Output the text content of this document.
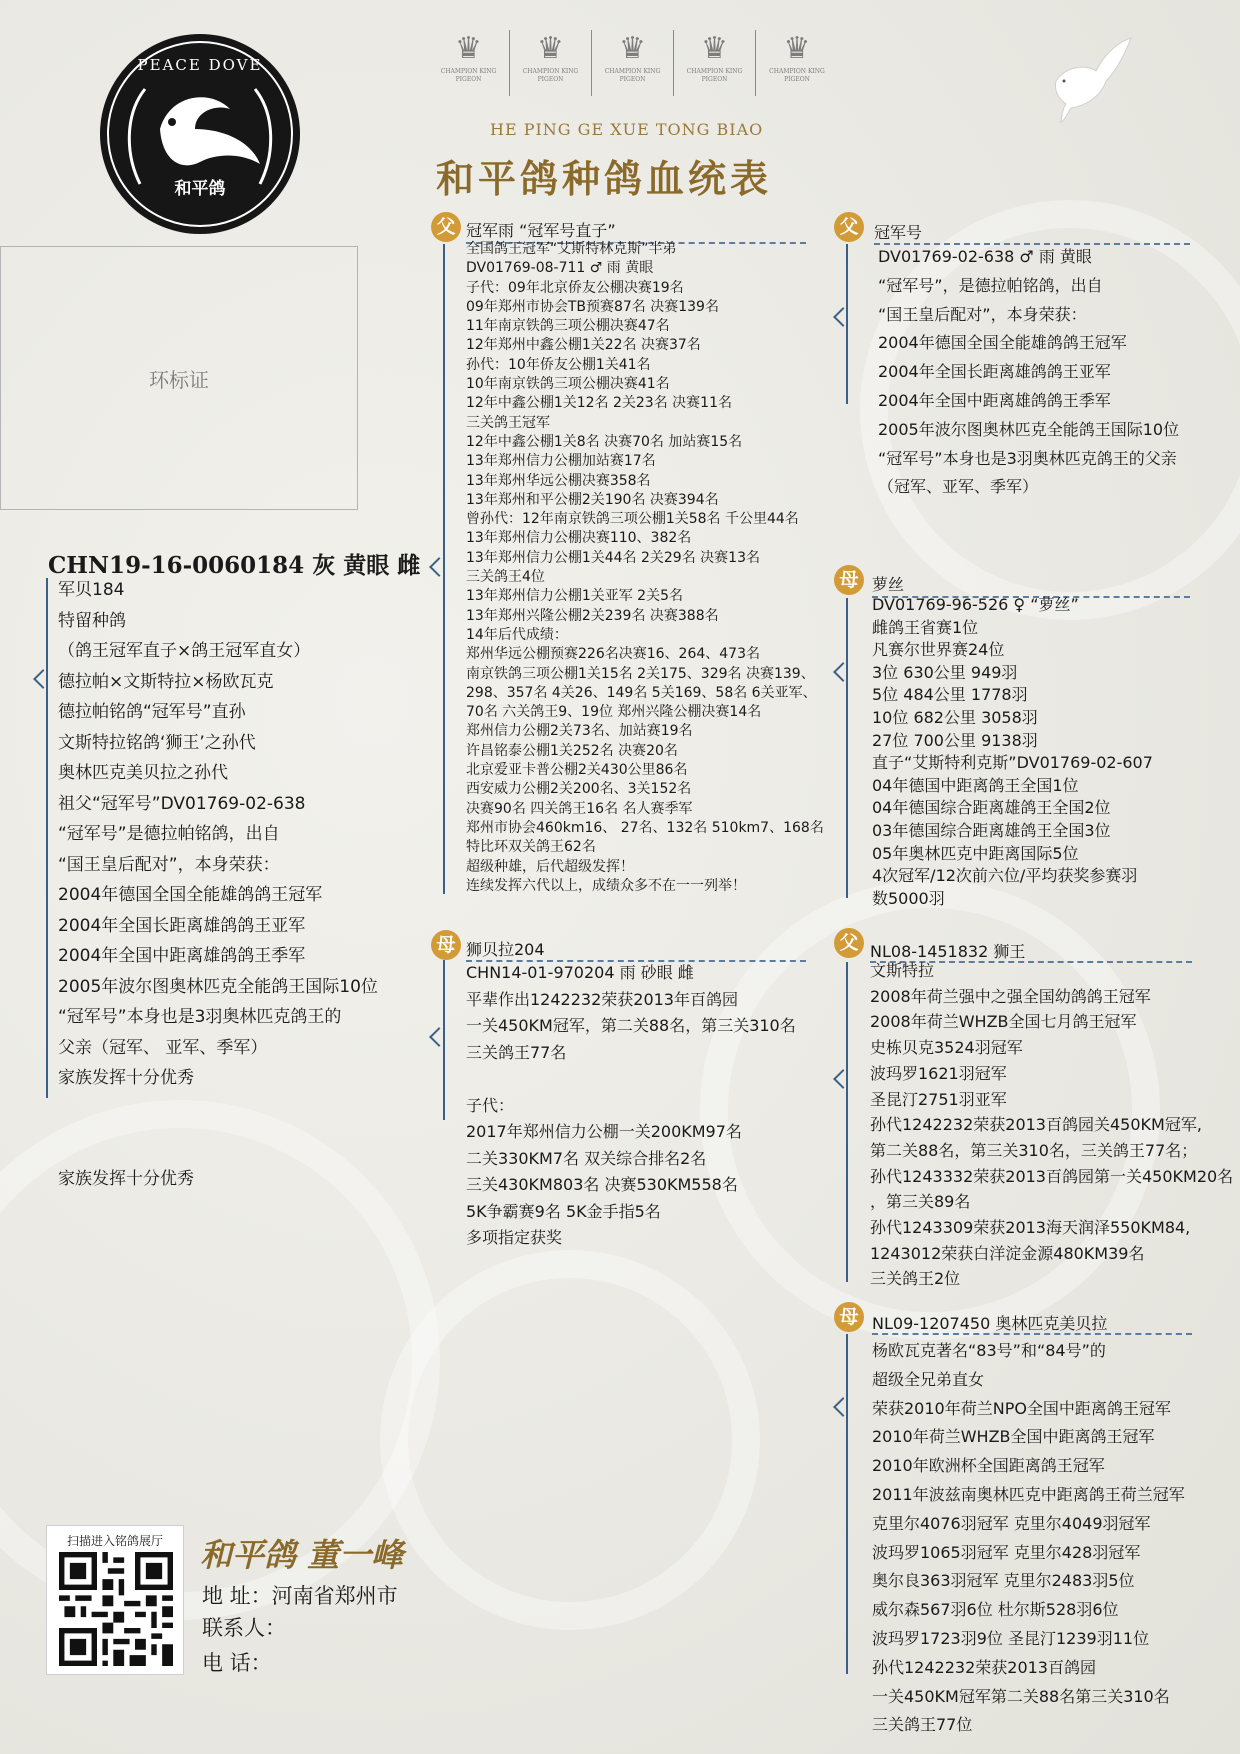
PEACE DOVE
和平鸽
♛
CHAMPION KING PIGEON
♛
CHAMPION KING PIGEON
♛
CHAMPION KING PIGEON
♛
CHAMPION KING PIGEON
♛
CHAMPION KING PIGEON
HE PING GE XUE TONG BIAO
和平鸽种鸽血统表
环标证
CHN19-16-0060184 灰 黄眼 雌
军贝184
特留种鸽
（鸽王冠军直子×鸽王冠军直女）
德拉帕×文斯特拉×杨欧瓦克
德拉帕铭鸽“冠军号”直孙
文斯特拉铭鸽‘狮王’之孙代
奥林匹克美贝拉之孙代
祖父“冠军号”DV01769-02-638
“冠军号”是德拉帕铭鸽，出自
“国王皇后配对”，本身荣获：
2004年德国全国全能雄鸽鸽王冠军
2004年全国长距离雄鸽鸽王亚军
2004年全国中距离雄鸽鸽王季军
2005年波尔图奥林匹克全能鸽王国际10位
“冠军号”本身也是3羽奥林匹克鸽王的
父亲（冠军、 亚军、季军）
家族发挥十分优秀
家族发挥十分优秀
父 冠军雨 “冠军号直子”
全国鸽王冠军“艾斯特林克斯”半弟
DV01769-08-711 ♂ 雨 黄眼
子代：09年北京侨友公棚决赛19名
09年郑州市协会TB预赛87名 决赛139名
11年南京铁鸽三项公棚决赛47名
12年郑州中鑫公棚1关22名 决赛37名
孙代：10年侨友公棚1关41名
10年南京铁鸽三项公棚决赛41名
12年中鑫公棚1关12名 2关23名 决赛11名
三关鸽王冠军
12年中鑫公棚1关8名 决赛70名 加站赛15名
13年郑州信力公棚加站赛17名
13年郑州华远公棚决赛358名
13年郑州和平公棚2关190名 决赛394名
曾孙代：12年南京铁鸽三项公棚1关58名 千公里44名
13年郑州信力公棚决赛110、382名
13年郑州信力公棚1关44名 2关29名 决赛13名
三关鸽王4位
13年郑州信力公棚1关亚军 2关5名
13年郑州兴隆公棚2关239名 决赛388名
14年后代成绩：
郑州华远公棚预赛226名决赛16、264、473名
南京铁鸽三项公棚1关15名 2关175、329名 决赛139、
298、357名 4关26、149名 5关169、58名 6关亚军、
70名 六关鸽王9、19位 郑州兴隆公棚决赛14名
郑州信力公棚2关73名、加站赛19名
许昌铭泰公棚1关252名 决赛20名
北京爱亚卡普公棚2关430公里86名
西安威力公棚2关200名、3关152名
决赛90名 四关鸽王16名 名人赛季军
郑州市协会460km16、 27名、132名 510km7、168名
特比环双关鸽王62名
超级种雄，后代超级发挥！
连续发挥六代以上，成绩众多不在一一列举！
母 狮贝拉204
CHN14-01-970204 雨 砂眼 雌
平辈作出1242232荣获2013年百鸽园
一关450KM冠军，第二关88名，第三关310名
三关鸽王77名

子代：
2017年郑州信力公棚一关200KM97名
二关330KM7名 双关综合排名2名
三关430KM803名 决赛530KM558名
5K争霸赛9名 5K金手指5名
多项指定获奖
父 冠军号
DV01769-02-638 ♂ 雨 黄眼
“冠军号”，是德拉帕铭鸽，出自
“国王皇后配对”，本身荣获：
2004年德国全国全能雄鸽鸽王冠军
2004年全国长距离雄鸽鸽王亚军
2004年全国中距离雄鸽鸽王季军
2005年波尔图奥林匹克全能鸽王国际10位
“冠军号”本身也是3羽奥林匹克鸽王的父亲
（冠军、亚军、季军）
母 萝丝
DV01769-96-526 ♀ “萝丝”
雌鸽王省赛1位
凡赛尔世界赛24位
3位 630公里 949羽
5位 484公里 1778羽
10位 682公里 3058羽
27位 700公里 9138羽
直子“艾斯特利克斯”DV01769-02-607
04年德国中距离鸽王全国1位
04年德国综合距离雄鸽王全国2位
03年德国综合距离雄鸽王全国3位
05年奥林匹克中距离国际5位
4次冠军/12次前六位/平均获奖参赛羽
数5000羽
父 NL08-1451832 狮王
文斯特拉
2008年荷兰强中之强全国幼鸽鸽王冠军
2008年荷兰WHZB全国七月鸽王冠军
史栋贝克3524羽冠军
波玛罗1621羽冠军
圣昆汀2751羽亚军
孙代1242232荣获2013百鸽园关450KM冠军,
第二关88名，第三关310名，三关鸽王77名；
孙代1243332荣获2013百鸽园第一关450KM20名
，第三关89名
孙代1243309荣获2013海天润泽550KM84,
1243012荣获白洋淀金源480KM39名
三关鸽王2位
母 NL09-1207450 奥林匹克美贝拉
杨欧瓦克著名“83号”和“84号”的
超级全兄弟直女
荣获2010年荷兰NPO全国中距离鸽王冠军
2010年荷兰WHZB全国中距离鸽王冠军
2010年欧洲杯全国距离鸽王冠军
2011年波兹南奥林匹克中距离鸽王荷兰冠军
克里尔4076羽冠军 克里尔4049羽冠军
波玛罗1065羽冠军 克里尔428羽冠军
奥尔良363羽冠军 克里尔2483羽5位
威尔森567羽6位 杜尔斯528羽6位
波玛罗1723羽9位 圣昆汀1239羽11位
孙代1242232荣获2013百鸽园
一关450KM冠军第二关88名第三关310名
三关鸽王77位
扫描进入铭鸽展厅	和平鸽 董一峰
地 址：河南省郑州市
联系人：
电 话：
